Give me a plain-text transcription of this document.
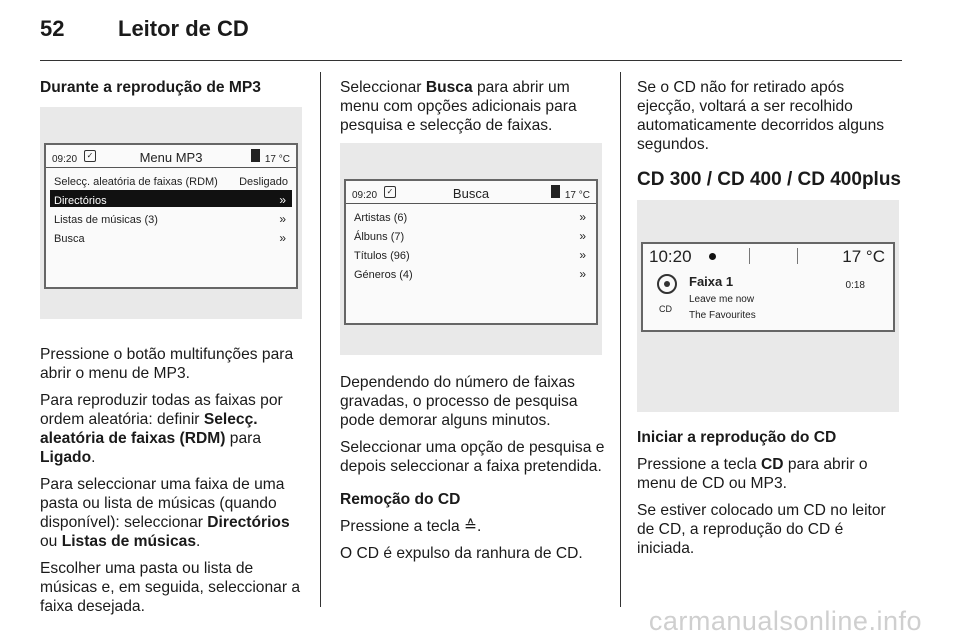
52 Leitor de CD

Durante a reprodução de MP3

09:20	✓	Menu MP3	17 °C
Selecç. aleatória de faixas (RDM) Desligado
Directórios	»
Listas de músicas (3)	»
Busca	»

Pressione o botão multifunções para abrir o menu de MP3.

Para reproduzir todas as faixas por ordem aleatória: definir Selecç. aleatória de faixas (RDM) para Ligado.

Para seleccionar uma faixa de uma pasta ou lista de músicas (quando disponível): seleccionar Directórios ou Listas de músicas.

Escolher uma pasta ou lista de músicas e, em seguida, seleccionar a faixa desejada.

Seleccionar Busca para abrir um menu com opções adicionais para pesquisa e selecção de faixas.

09:20	✓	Busca	17 °C
Artistas (6)	»
Álbuns (7)	»
Títulos (96)	»
Géneros (4)	»

Dependendo do número de faixas gravadas, o processo de pesquisa pode demorar alguns minutos.

Seleccionar uma opção de pesquisa e depois seleccionar a faixa pretendida.

Remoção do CD

Pressione a tecla ≙.

O CD é expulso da ranhura de CD.

Se o CD não for retirado após ejecção, voltará a ser recolhido automaticamente decorridos alguns segundos.

CD 300 / CD 400 / CD 400plus

10:20	17 °C
CD
Faixa 1
Leave me now
The Favourites
0:18

Iniciar a reprodução do CD

Pressione a tecla CD para abrir o menu de CD ou MP3.

Se estiver colocado um CD no leitor de CD, a reprodução do CD é iniciada.

carmanualsonline.info
